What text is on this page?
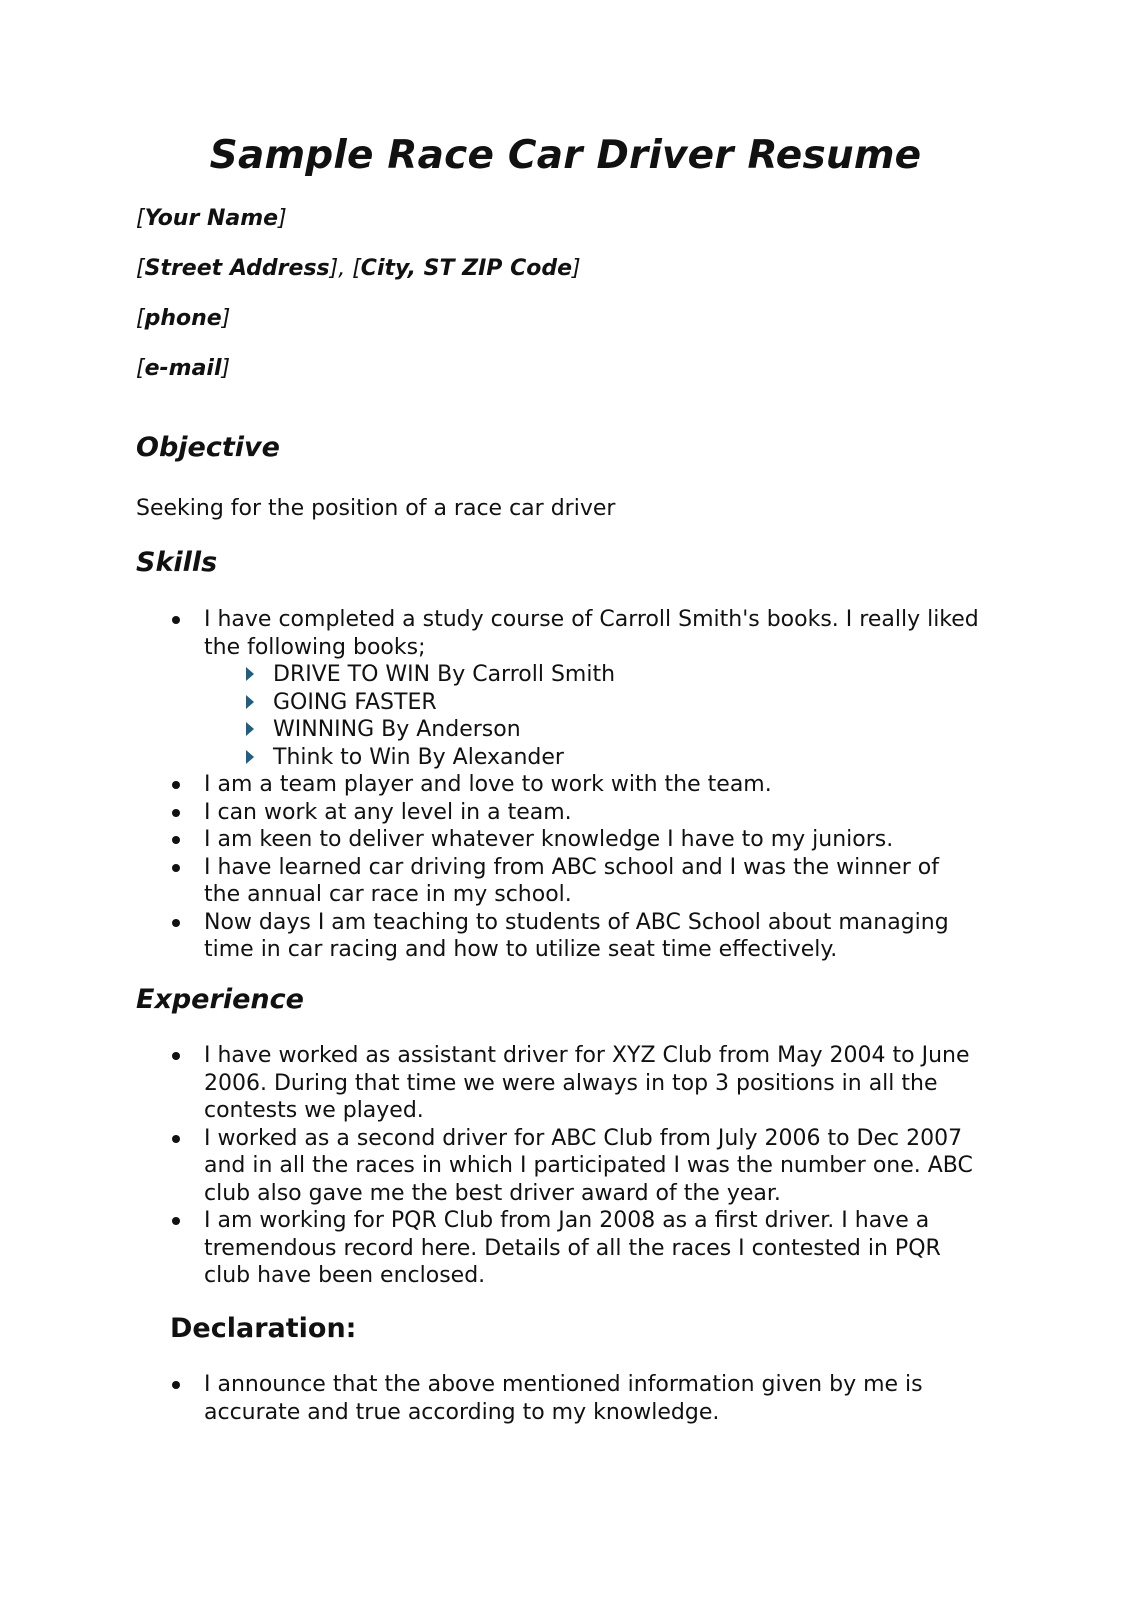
Sample Race Car Driver Resume
[Your Name]
[Street Address], [City, ST ZIP Code]
[phone]
[e-mail]
Objective
Seeking for the position of a race car driver
Skills
I have completed a study course of Carroll Smith's books. I really liked the following books;
DRIVE TO WIN By Carroll Smith
GOING FASTER
WINNING By Anderson
Think to Win By Alexander
I am a team player and love to work with the team.
I can work at any level in a team.
I am keen to deliver whatever knowledge I have to my juniors.
I have learned car driving from ABC school and I was the winner of the annual car race in my school.
Now days I am teaching to students of ABC School about managing time in car racing and how to utilize seat time effectively.
Experience
I have worked as assistant driver for XYZ Club from May 2004 to June 2006. During that time we were always in top 3 positions in all the contests we played.
I worked as a second driver for ABC Club from July 2006 to Dec 2007 and in all the races in which I participated I was the number one. ABC club also gave me the best driver award of the year.
I am working for PQR Club from Jan 2008 as a first driver. I have a tremendous record here. Details of all the races I contested in PQR club have been enclosed.
Declaration:
I announce that the above mentioned information given by me is accurate and true according to my knowledge.
